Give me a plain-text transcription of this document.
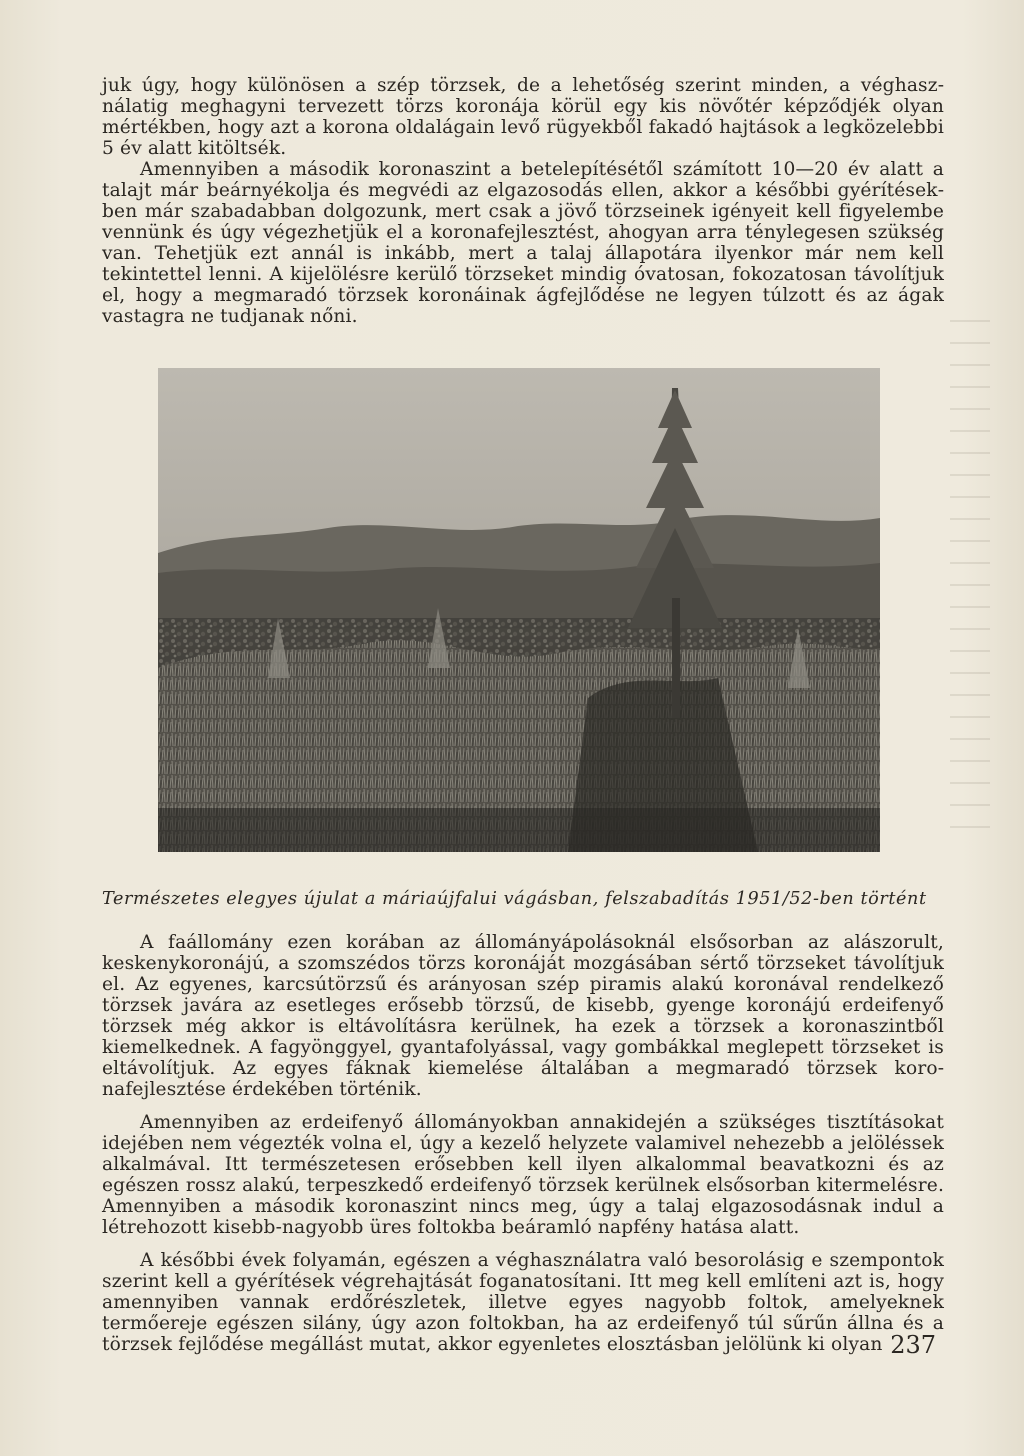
juk úgy, hogy különösen a szép törzsek, de a lehetőség szerint minden, a véghasználatig meghagyni tervezett törzs koronája körül egy kis növőtér képződjék olyan mértékben, hogy azt a korona oldalágain levő rügyekből fakadó hajtások a legközelebbi 5 év alatt kitöltsék.

Amennyiben a második koronaszint a betelepítésétől számított 10—20 év alatt a talajt már beárnyékolja és megvédi az elgazosodás ellen, akkor a későbbi gyérítésekben már szabadabban dolgozunk, mert csak a jövő törzseinek igényeit kell figyelembe vennünk és úgy végezhetjük el a koronafejlesztést, ahogyan arra ténylegesen szükség van. Tehetjük ezt annál is inkább, mert a talaj állapotára ilyenkor már nem kell tekintettel lenni. A kijelölésre kerülő törzseket mindig óvatosan, fokozatosan távolítjuk el, hogy a megmaradó törzsek koronáinak ágfejlődése ne legyen túlzott és az ágak vastagra ne tudjanak nőni.

Természetes elegyes újulat a máriaújfalui vágásban, felszabadítás 1951/52-ben történt

A faállomány ezen korában az állományápolásoknál elsősorban az alászorult, keskenykoronájú, a szomszédos törzs koronáját mozgásában sértő törzseket távolítjuk el. Az egyenes, karcsútörzsű és arányosan szép piramis alakú koronával rendelkező törzsek javára az esetleges erősebb törzsű, de kisebb, gyenge koronájú erdeifenyő törzsek még akkor is eltávolításra kerülnek, ha ezek a törzsek a koronaszintből kiemelkednek. A fagyönggyel, gyantafolyással, vagy gombákkal meglepett törzseket is eltávolítjuk. Az egyes fáknak kiemelése általában a megmaradó törzsek koronafejlesztése érdekében történik.

Amennyiben az erdeifenyő állományokban annakidején a szükséges tisztításokat idejében nem végezték volna el, úgy a kezelő helyzete valamivel nehezebb a jelöléssek alkalmával. Itt természetesen erősebben kell ilyen alkalommal beavatkozni és az egészen rossz alakú, terpeszkedő erdeifenyő törzsek kerülnek elsősorban kitermelésre. Amennyiben a második koronaszint nincs meg, úgy a talaj elgazosodásnak indul a létrehozott kisebb-nagyobb üres foltokba beáramló napfény hatása alatt.

A későbbi évek folyamán, egészen a véghasználatra való besorolásig e szempontok szerint kell a gyérítések végrehajtását foganatosítani. Itt meg kell említeni azt is, hogy amennyiben vannak erdőrészletek, illetve egyes nagyobb foltok, amelyeknek termőereje egészen silány, úgy azon foltokban, ha az erdeifenyő túl sűrűn állna és a törzsek fejlődése megállást mutat, akkor egyenletes elosztásban jelölünk ki olyan 237
